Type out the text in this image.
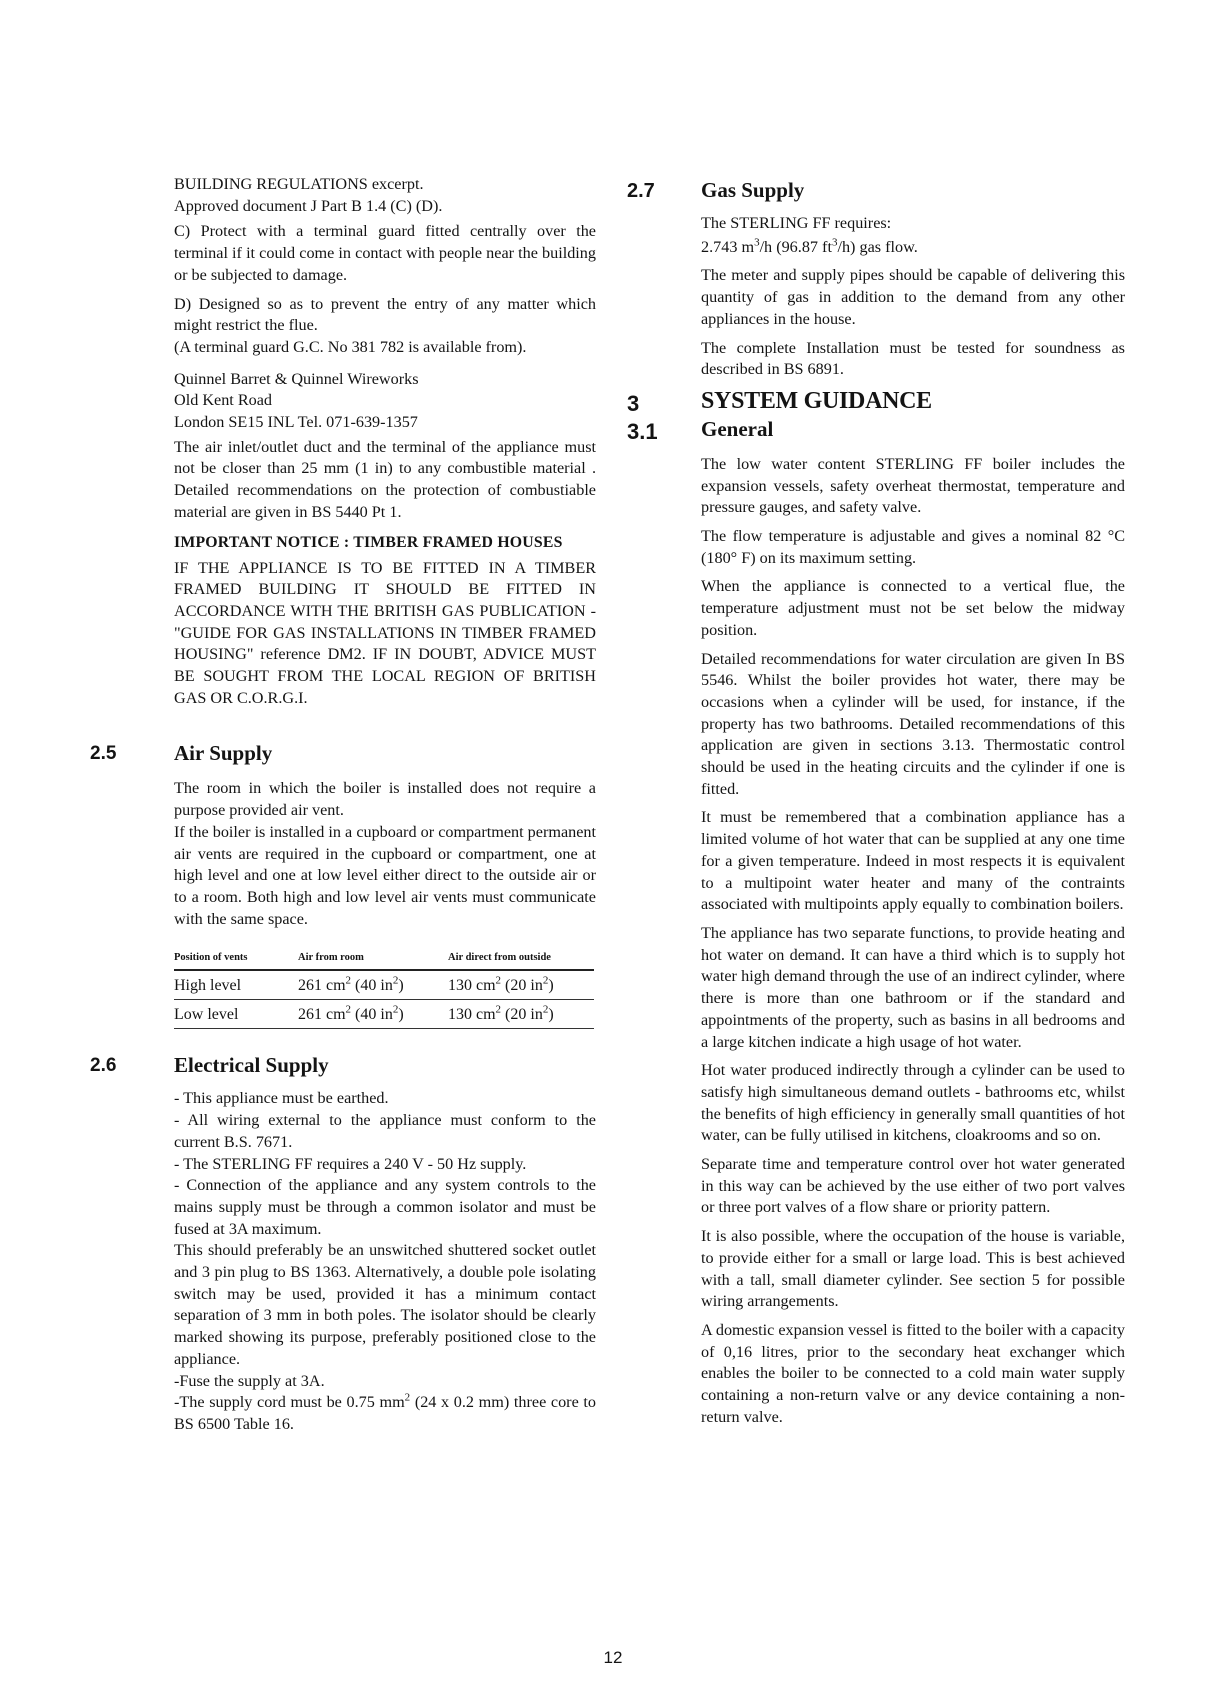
BUILDING REGULATIONS excerpt.
Approved document J Part B 1.4 (C) (D).

C) Protect with a terminal guard fitted centrally over the terminal if it could come in contact with people near the building or be subjected to damage.

D) Designed so as to prevent the entry of any matter which might restrict the flue.

(A terminal guard G.C. No 381 782 is available from).

Quinnel Barret & Quinnel Wireworks
Old Kent Road
London SE15 INL Tel. 071-639-1357

The air inlet/outlet duct and the terminal of the appliance must not be closer than 25 mm (1 in) to any combustible material . Detailed recommendations on the protection of combustiable material are given in BS 5440 Pt 1.

IMPORTANT NOTICE : TIMBER FRAMED HOUSES

IF THE APPLIANCE IS TO BE FITTED IN A TIMBER FRAMED BUILDING IT SHOULD BE FITTED IN ACCORDANCE WITH THE BRITISH GAS PUBLICATION - "GUIDE FOR GAS INSTALLATIONS IN TIMBER FRAMED HOUSING" reference DM2. IF IN DOUBT, ADVICE MUST BE SOUGHT FROM THE LOCAL REGION OF BRITISH GAS OR C.O.R.G.I.

2.5	Air Supply

The room in which the boiler is installed does not require a purpose provided air vent.

If the boiler is installed in a cupboard or compartment permanent air vents are required in the cupboard or compartment, one at high level and one at low level either direct to the outside air or to a room. Both high and low level air vents must communicate with the same space.

Position of vents	Air from room	Air direct from outside
High level	261 $cm^2$ (40 $in^2$)	130 $cm^2$ (20 $in^2$)
Low level	261 $cm^2$ (40 $in^2$)	130 $cm^2$ (20 $in^2$)
2.6	Electrical Supply

- This appliance must be earthed.

- All wiring external to the appliance must conform to the current B.S. 7671.

- The STERLING FF requires a 240 V - 50 Hz supply.

- Connection of the appliance and any system controls to the mains supply must be through a common isolator and must be fused at 3A maximum.

This should preferably be an unswitched shuttered socket outlet and 3 pin plug to BS 1363. Alternatively, a double pole isolating switch may be used, provided it has a minimum contact separation of 3 mm in both poles. The isolator should be clearly marked showing its purpose, preferably positioned close to the appliance.

-Fuse the supply at 3A.

-The supply cord must be 0.75 $mm^2$ (24 x 0.2 mm) three core to BS 6500 Table 16.

2.7 Gas Supply

The STERLING FF requires:

2.743 $m^3/h$ (96.87 $ft^3/h$) gas flow.

The meter and supply pipes should be capable of delivering this quantity of gas in addition to the demand from any other appliances in the house.

The complete Installation must be tested for soundness as described in BS 6891.

3	SYSTEM GUIDANCE
3.1 General

The low water content STERLING FF boiler includes the expansion vessels, safety overheat thermostat, temperature and pressure gauges, and safety valve.

The flow temperature is adjustable and gives a nominal 82 °C (180° F) on its maximum setting.

When the appliance is connected to a vertical flue, the temperature adjustment must not be set below the midway position.

Detailed recommendations for water circulation are given In BS 5546. Whilst the boiler provides hot water, there may be occasions when a cylinder will be used, for instance, if the property has two bathrooms. Detailed recommendations of this application are given in sections 3.13. Thermostatic control should be used in the heating circuits and the cylinder if one is fitted.

It must be remembered that a combination appliance has a limited volume of hot water that can be supplied at any one time for a given temperature. Indeed in most respects it is equivalent to a multipoint water heater and many of the contraints associated with multipoints apply equally to combination boilers.

The appliance has two separate functions, to provide heating and hot water on demand. It can have a third which is to supply hot water high demand through the use of an indirect cylinder, where there is more than one bathroom or if the standard and appointments of the property, such as basins in all bedrooms and a large kitchen indicate a high usage of hot water.

Hot water produced indirectly through a cylinder can be used to satisfy high simultaneous demand outlets - bathrooms etc, whilst the benefits of high efficiency in generally small quantities of hot water, can be fully utilised in kitchens, cloakrooms and so on.

Separate time and temperature control over hot water generated in this way can be achieved by the use either of two port valves or three port valves of a flow share or priority pattern.

It is also possible, where the occupation of the house is variable, to provide either for a small or large load. This is best achieved with a tall, small diameter cylinder. See section 5 for possible wiring arrangements.

A domestic expansion vessel is fitted to the boiler with a capacity of 0,16 litres, prior to the secondary heat exchanger which enables the boiler to be connected to a cold main water supply containing a non-return valve or any device containing a non-return valve.

12
